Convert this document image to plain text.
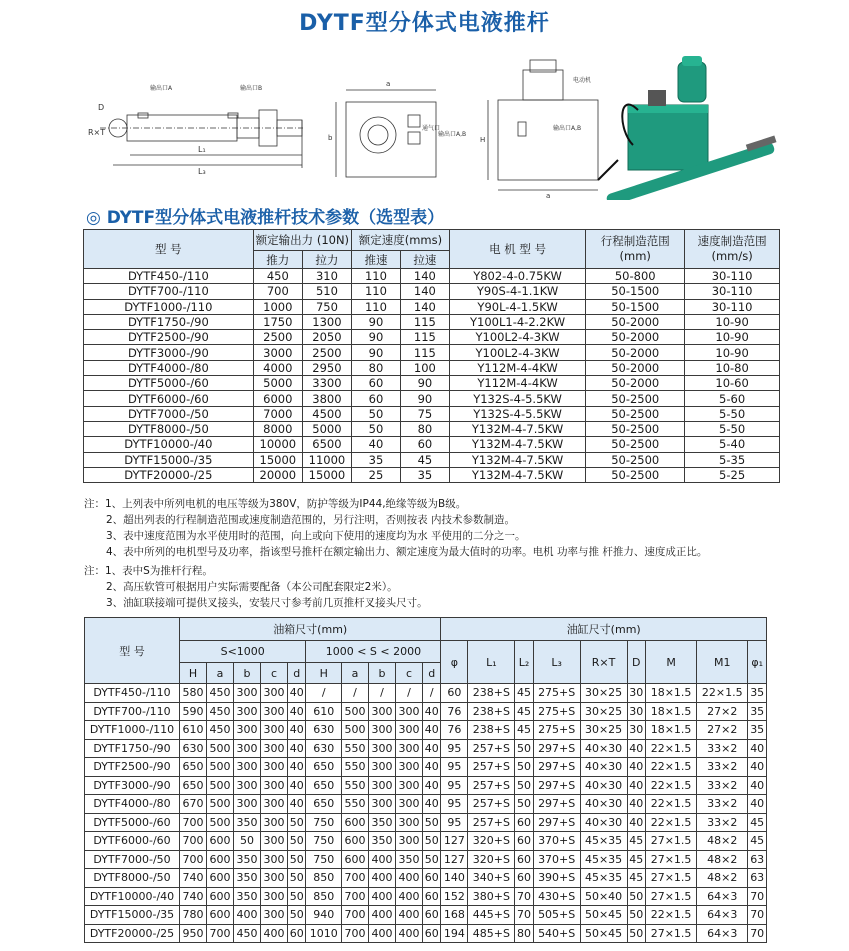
DYTF型分体式电液推杆
D
R×T
输出口A	输出口B
L₁
L₃
a
b
通气口
输出口A,B
电动机
输出口A,B
H
a
◎ DYTF型分体式电液推杆技术参数（选型表）
型 号	额定输出力 (10N)		额定速度(mms)		电 机 型 号	行程制造范围(mm)	速度制造范围(mm/s)
	推力	拉力	推速	拉速			
DYTF450-/110	450	310	110	140	Y802-4-0.75KW	50-800	30-110
DYTF700-/110	700	510	110	140	Y90S-4-1.1KW	50-1500	30-110
DYTF1000-/110	1000	750	110	140	Y90L-4-1.5KW	50-1500	30-110
DYTF1750-/90	1750	1300	90	115	Y100L1-4-2.2KW	50-2000	10-90
DYTF2500-/90	2500	2050	90	115	Y100L2-4-3KW	50-2000	10-90
DYTF3000-/90	3000	2500	90	115	Y100L2-4-3KW	50-2000	10-90
DYTF4000-/80	4000	2950	80	100	Y112M-4-4KW	50-2000	10-80
DYTF5000-/60	5000	3300	60	90	Y112M-4-4KW	50-2000	10-60
DYTF6000-/60	6000	3800	60	90	Y132S-4-5.5KW	50-2500	5-60
DYTF7000-/50	7000	4500	50	75	Y132S-4-5.5KW	50-2500	5-50
DYTF8000-/50	8000	5000	50	80	Y132M-4-7.5KW	50-2500	5-50
DYTF10000-/40	10000	6500	40	60	Y132M-4-7.5KW	50-2500	5-40
DYTF15000-/35	15000	11000	35	45	Y132M-4-7.5KW	50-2500	5-35
DYTF20000-/25	20000	15000	25	35	Y132M-4-7.5KW	50-2500	5-25
注：1、上列表中所列电机的电压等级为380V，防护等级为IP44,绝缘等级为B级。
2、超出列表的行程制造范围或速度制造范围的，另行注明，否则按表 内技术参数制造。
3、表中速度范围为水平使用时的范围，向上或向下使用的速度均为水 平使用的二分之一。
4、表中所列的电机型号及功率，指该型号推杆在额定输出力、额定速度为最大值时的功率。电机 功率与推 杆推力、速度成正比。
注：1、表中S为推杆行程。
2、高压软管可根据用户实际需要配备（本公司配套限定2米）。
3、油缸联接端可提供叉接头，安装尺寸参考前几页推杆叉接头尺寸。
型 号	油箱尺寸(mm)										油缸尺寸(mm)								
	S<1000					1000 < S < 2000					φ	L₁	L₂	L₃	R×T	D	M	M1	φ₁
	H	a	b	c	d	H	a	b	c	d									
DYTF450-/110	580	450	300	300	40	/	/	/	/	/	60	238+S	45	275+S	30×25	30	18×1.5	22×1.5	35
DYTF700-/110	590	450	300	300	40	610	500	300	300	40	76	238+S	45	275+S	30×25	30	18×1.5	27×2	35
DYTF1000-/110	610	450	300	300	40	630	500	300	300	40	76	238+S	45	275+S	30×25	30	18×1.5	27×2	35
DYTF1750-/90	630	500	300	300	40	630	550	300	300	40	95	257+S	50	297+S	40×30	40	22×1.5	33×2	40
DYTF2500-/90	650	500	300	300	40	650	550	300	300	40	95	257+S	50	297+S	40×30	40	22×1.5	33×2	40
DYTF3000-/90	650	500	300	300	40	650	550	300	300	40	95	257+S	50	297+S	40×30	40	22×1.5	33×2	40
DYTF4000-/80	670	500	300	300	40	650	550	300	300	40	95	257+S	50	297+S	40×30	40	22×1.5	33×2	40
DYTF5000-/60	700	500	350	300	50	750	600	350	300	50	95	257+S	60	297+S	40×30	40	22×1.5	33×2	45
DYTF6000-/60	700	600	50	300	50	750	600	350	300	50	127	320+S	60	370+S	45×35	45	27×1.5	48×2	45
DYTF7000-/50	700	600	350	300	50	750	600	400	350	50	127	320+S	60	370+S	45×35	45	27×1.5	48×2	63
DYTF8000-/50	740	600	350	300	50	850	700	400	400	60	140	340+S	60	390+S	45×35	45	27×1.5	48×2	63
DYTF10000-/40	740	600	350	300	50	850	700	400	400	60	152	380+S	70	430+S	50×40	50	27×1.5	64×3	70
DYTF15000-/35	780	600	400	300	50	940	700	400	400	60	168	445+S	70	505+S	50×45	50	22×1.5	64×3	70
DYTF20000-/25	950	700	450	400	60	1010	700	400	400	60	194	485+S	80	540+S	50×45	50	27×1.5	64×3	70
